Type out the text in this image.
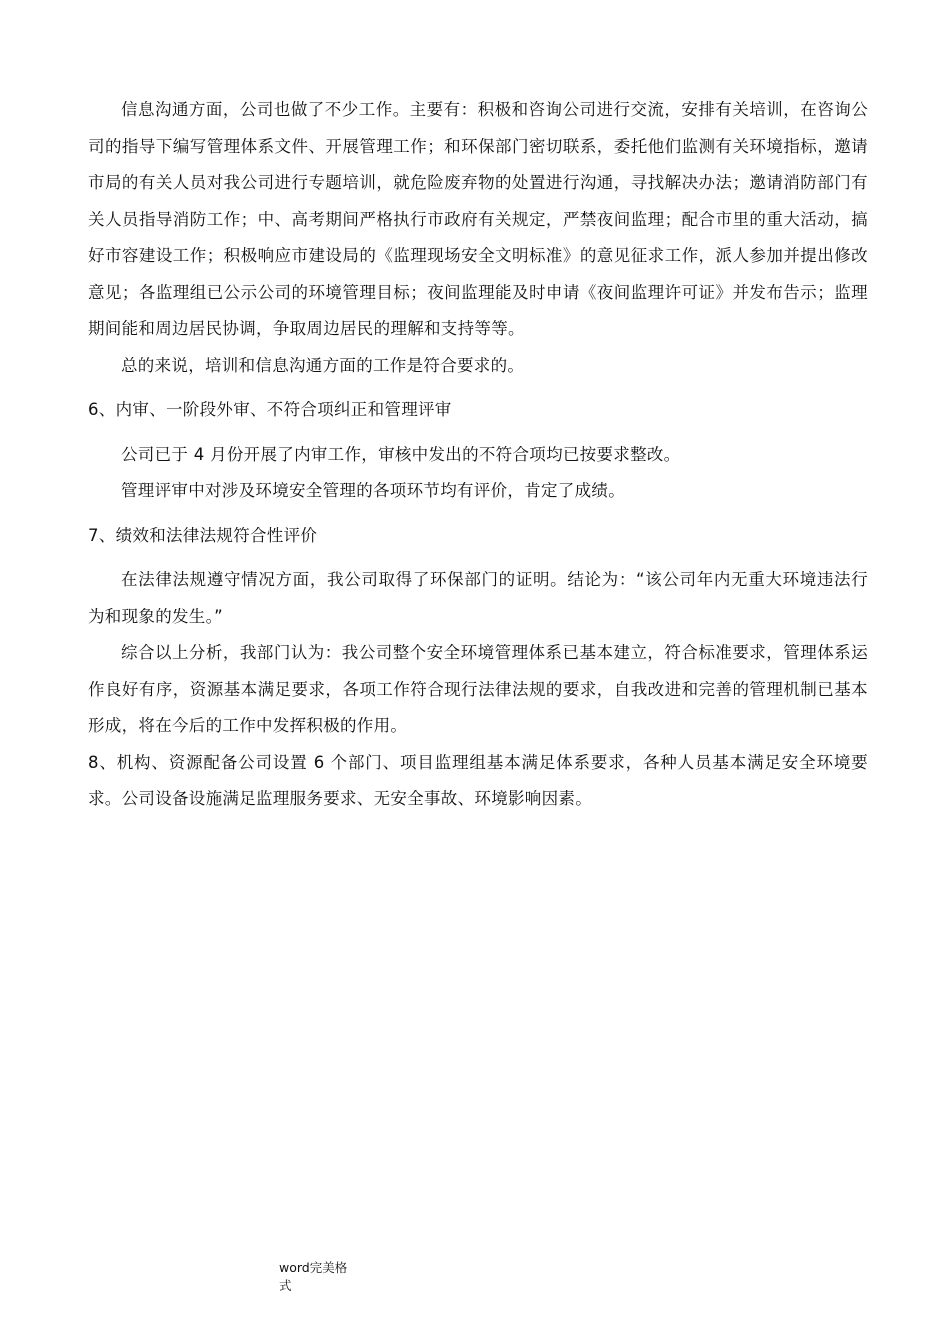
信息沟通方面，公司也做了不少工作。主要有：积极和咨询公司进行交流，安排有关培训，在咨询公司的指导下编写管理体系文件、开展管理工作；和环保部门密切联系，委托他们监测有关环境指标，邀请市局的有关人员对我公司进行专题培训，就危险废弃物的处置进行沟通，寻找解决办法；邀请消防部门有关人员指导消防工作；中、高考期间严格执行市政府有关规定，严禁夜间监理；配合市里的重大活动，搞好市容建设工作；积极响应市建设局的《监理现场安全文明标准》的意见征求工作，派人参加并提出修改意见；各监理组已公示公司的环境管理目标；夜间监理能及时申请《夜间监理许可证》并发布告示；监理期间能和周边居民协调，争取周边居民的理解和支持等等。

总的来说，培训和信息沟通方面的工作是符合要求的。

6、内审、一阶段外审、不符合项纠正和管理评审

公司已于 4 月份开展了内审工作，审核中发出的不符合项均已按要求整改。

管理评审中对涉及环境安全管理的各项环节均有评价，肯定了成绩。

7、绩效和法律法规符合性评价

在法律法规遵守情况方面，我公司取得了环保部门的证明。结论为：“该公司年内无重大环境违法行为和现象的发生。”

综合以上分析，我部门认为：我公司整个安全环境管理体系已基本建立，符合标准要求，管理体系运作良好有序，资源基本满足要求，各项工作符合现行法律法规的要求，自我改进和完善的管理机制已基本形成，将在今后的工作中发挥积极的作用。

8、机构、资源配备公司设置 6 个部门、项目监理组基本满足体系要求，各种人员基本满足安全环境要求。公司设备设施满足监理服务要求、无安全事故、环境影响因素。

word完美格式
